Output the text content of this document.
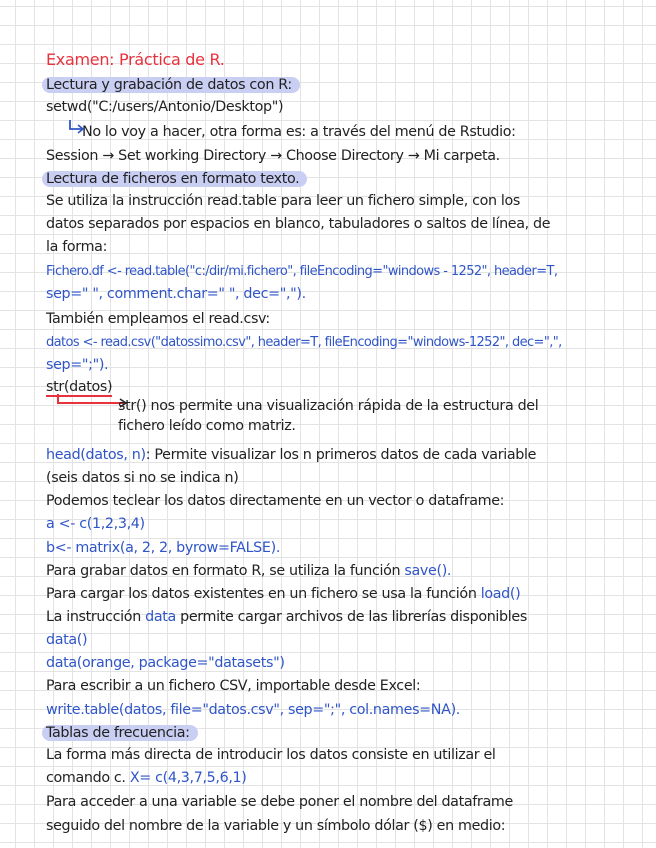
Examen: Práctica de R.
Lectura y grabación de datos con R:
setwd("C:/users/Antonio/Desktop")
No lo voy a hacer, otra forma es: a través del menú de Rstudio:
Session → Set working Directory → Choose Directory → Mi carpeta.
Lectura de ficheros en formato texto.
Se utiliza la instrucción read.table para leer un fichero simple, con los
datos separados por espacios en blanco, tabuladores o saltos de línea, de
la forma:
Fichero.df <- read.table("c:/dir/mi.fichero", fileEncoding="windows - 1252", header=T,
sep=" ", comment.char=" ", dec=",").
También empleamos el read.csv:
datos <- read.csv("datossimo.csv", header=T, fileEncoding="windows-1252", dec=",",
sep=";").
str(datos)
str() nos permite una visualización rápida de la estructura del
fichero leído como matriz.
head(datos, n): Permite visualizar los n primeros datos de cada variable
(seis datos si no se indica n)
Podemos teclear los datos directamente en un vector o dataframe:
a <- c(1,2,3,4)
b<- matrix(a, 2, 2, byrow=FALSE).
Para grabar datos en formato R, se utiliza la función save().
Para cargar los datos existentes en un fichero se usa la función load()
La instrucción data permite cargar archivos de las librerías disponibles
data()
data(orange, package="datasets")
Para escribir a un fichero CSV, importable desde Excel:
write.table(datos, file="datos.csv", sep=";", col.names=NA).
Tablas de frecuencia:
La forma más directa de introducir los datos consiste en utilizar el
comando c. X= c(4,3,7,5,6,1)
Para acceder a una variable se debe poner el nombre del dataframe
seguido del nombre de la variable y un símbolo dólar ($) en medio:
